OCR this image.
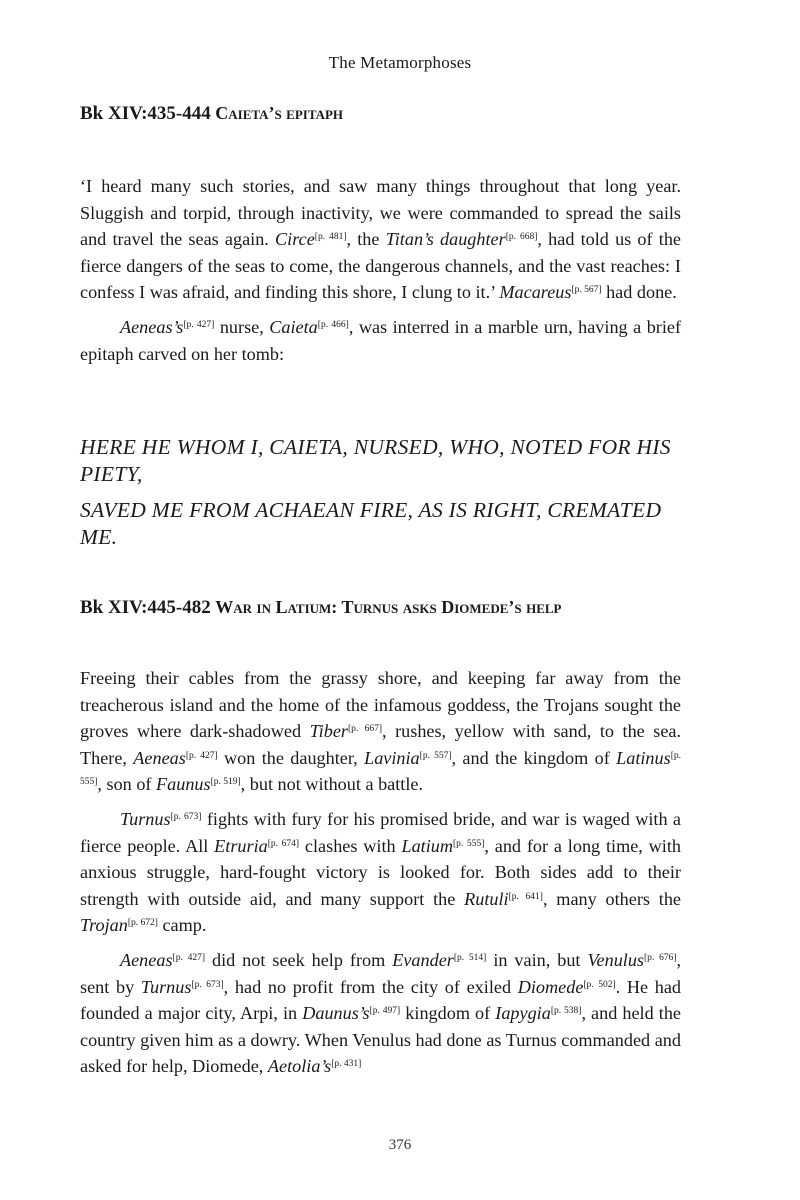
The Metamorphoses
Bk XIV:435-444 Caieta’s epitaph

‘I heard many such stories, and saw many things throughout that long year. Sluggish and torpid, through inactivity, we were commanded to spread the sails and travel the seas again. Circe[p. 481], the Titan’s daughter[p. 668], had told us of the fierce dangers of the seas to come, the dangerous channels, and the vast reaches: I confess I was afraid, and finding this shore, I clung to it.’ Macareus[p. 567] had done.

Aeneas’s[p. 427] nurse, Caieta[p. 466], was interred in a marble urn, having a brief epitaph carved on her tomb:

HERE HE WHOM I, CAIETA, NURSED, WHO, NOTED FOR HIS PIETY,

SAVED ME FROM ACHAEAN FIRE, AS IS RIGHT, CREMATED ME.

Bk XIV:445-482 War in Latium: Turnus asks Diomede’s help

Freeing their cables from the grassy shore, and keeping far away from the treacherous island and the home of the infamous goddess, the Trojans sought the groves where dark-shadowed Tiber[p. 667], rushes, yellow with sand, to the sea. There, Aeneas[p. 427] won the daughter, Lavinia[p. 557], and the kingdom of Latinus[p. 555], son of Faunus[p. 519], but not without a battle.

Turnus[p. 673] fights with fury for his promised bride, and war is waged with a fierce people. All Etruria[p. 674] clashes with Latium[p. 555], and for a long time, with anxious struggle, hard-fought victory is looked for. Both sides add to their strength with outside aid, and many support the Rutuli[p. 641], many others the Trojan[p. 672] camp.

Aeneas[p. 427] did not seek help from Evander[p. 514] in vain, but Venulus[p. 676], sent by Turnus[p. 673], had no profit from the city of exiled Diomede[p. 502]. He had founded a major city, Arpi, in Daunus’s[p. 497] kingdom of Iapygia[p. 538], and held the country given him as a dowry. When Venulus had done as Turnus commanded and asked for help, Diomede, Aetolia’s[p. 431]

376
